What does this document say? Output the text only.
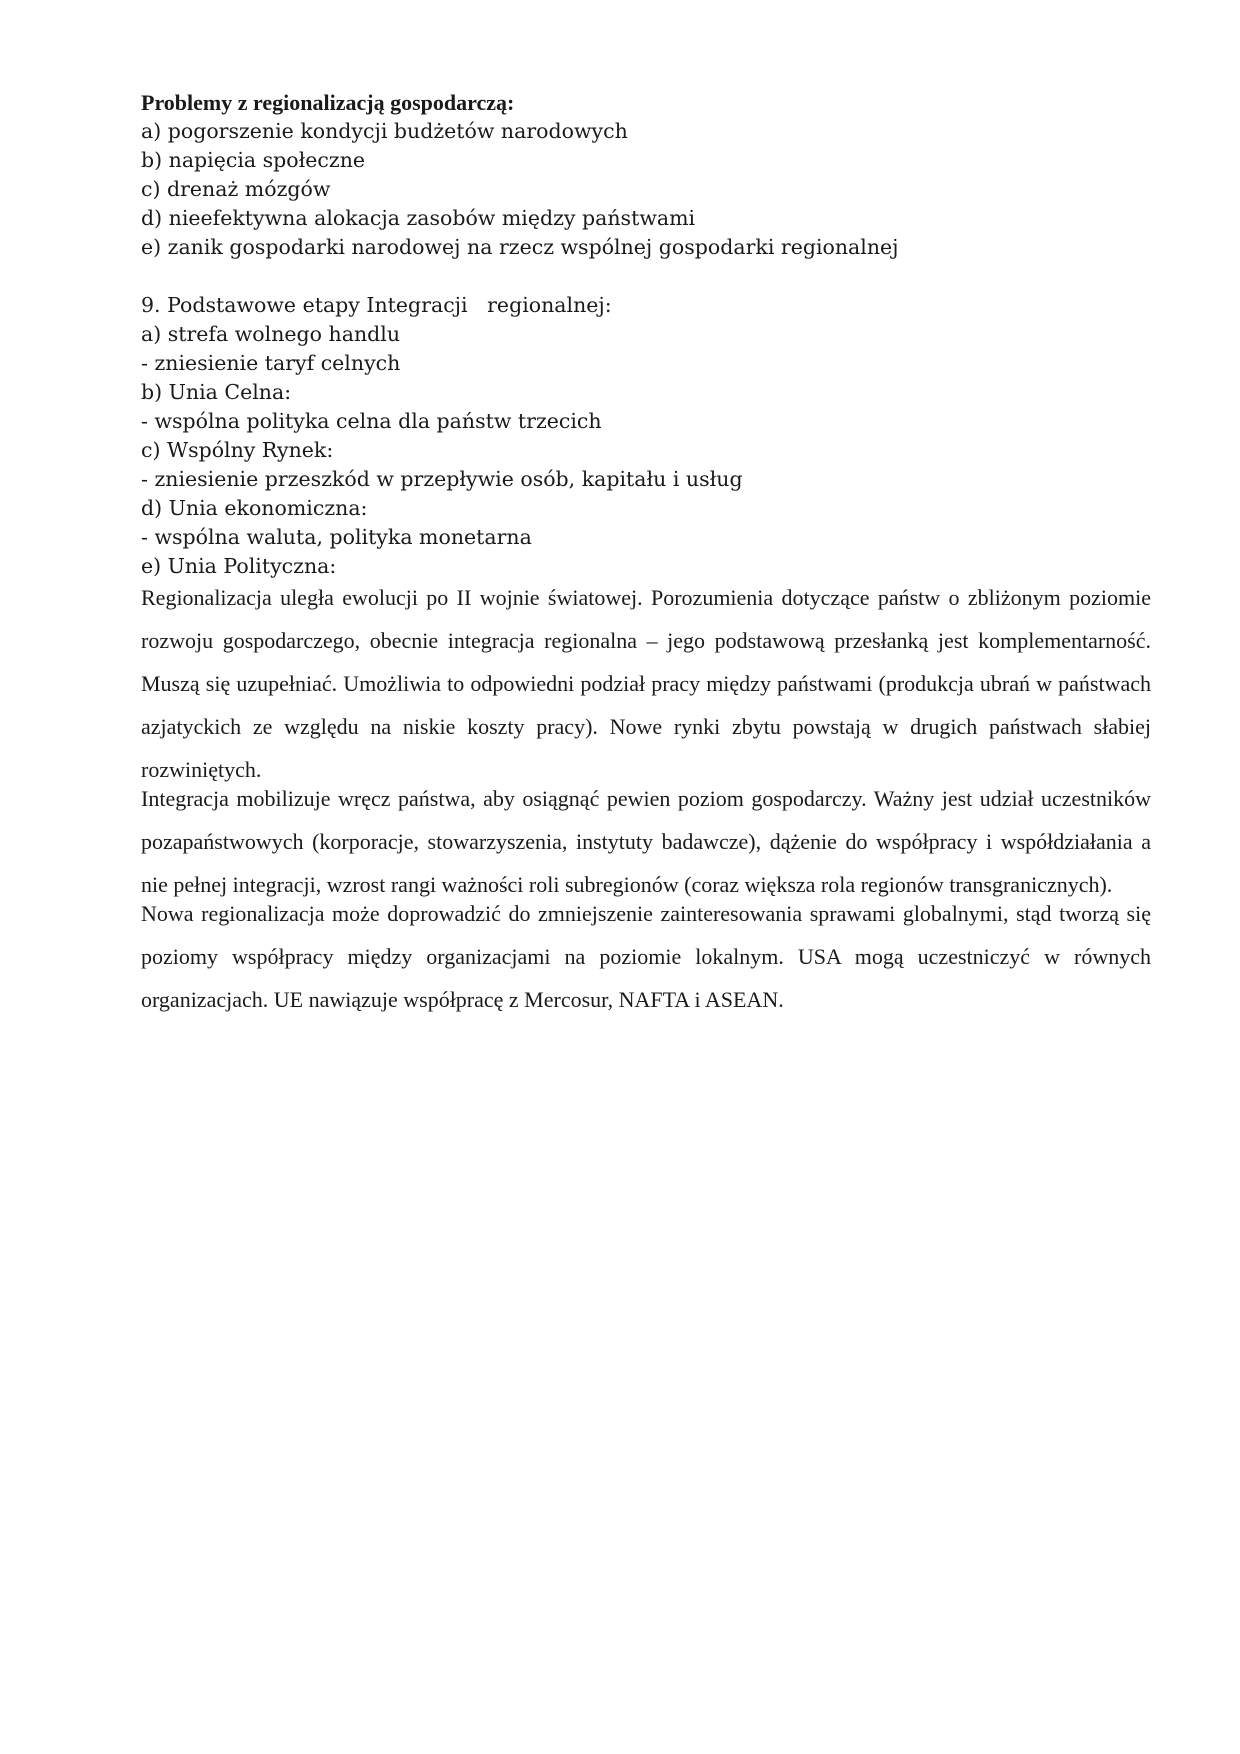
Problemy z regionalizacją gospodarczą:

a) pogorszenie kondycji budżetów narodowych

b) napięcia społeczne

c) drenaż mózgów

d) nieefektywna alokacja zasobów między państwami

e) zanik gospodarki narodowej na rzecz wspólnej gospodarki regionalnej

9. Podstawowe etapy Integracji   regionalnej:

a) strefa wolnego handlu

- zniesienie taryf celnych

b) Unia Celna:

- wspólna polityka celna dla państw trzecich

c) Wspólny Rynek:

- zniesienie przeszkód w przepływie osób, kapitału i usług

d) Unia ekonomiczna:

- wspólna waluta, polityka monetarna

e) Unia Polityczna:

Regionalizacja uległa ewolucji po II wojnie światowej. Porozumienia dotyczące państw o zbliżonym poziomie rozwoju gospodarczego, obecnie integracja regionalna – jego podstawową przesłanką jest komplementarność. Muszą się uzupełniać. Umożliwia to odpowiedni podział pracy między państwami (produkcja ubrań w państwach azjatyckich ze względu na niskie koszty pracy). Nowe rynki zbytu powstają w drugich państwach słabiej rozwiniętych.

Integracja mobilizuje wręcz państwa, aby osiągnąć pewien poziom gospodarczy. Ważny jest udział uczestników pozapaństwowych (korporacje, stowarzyszenia, instytuty badawcze), dążenie do współpracy i współdziałania a nie pełnej integracji, wzrost rangi ważności roli subregionów (coraz większa rola regionów transgranicznych).

Nowa regionalizacja może doprowadzić do zmniejszenie zainteresowania sprawami globalnymi, stąd tworzą się poziomy współpracy między organizacjami na poziomie lokalnym. USA mogą uczestniczyć w równych organizacjach. UE nawiązuje współpracę z Mercosur, NAFTA i ASEAN.
